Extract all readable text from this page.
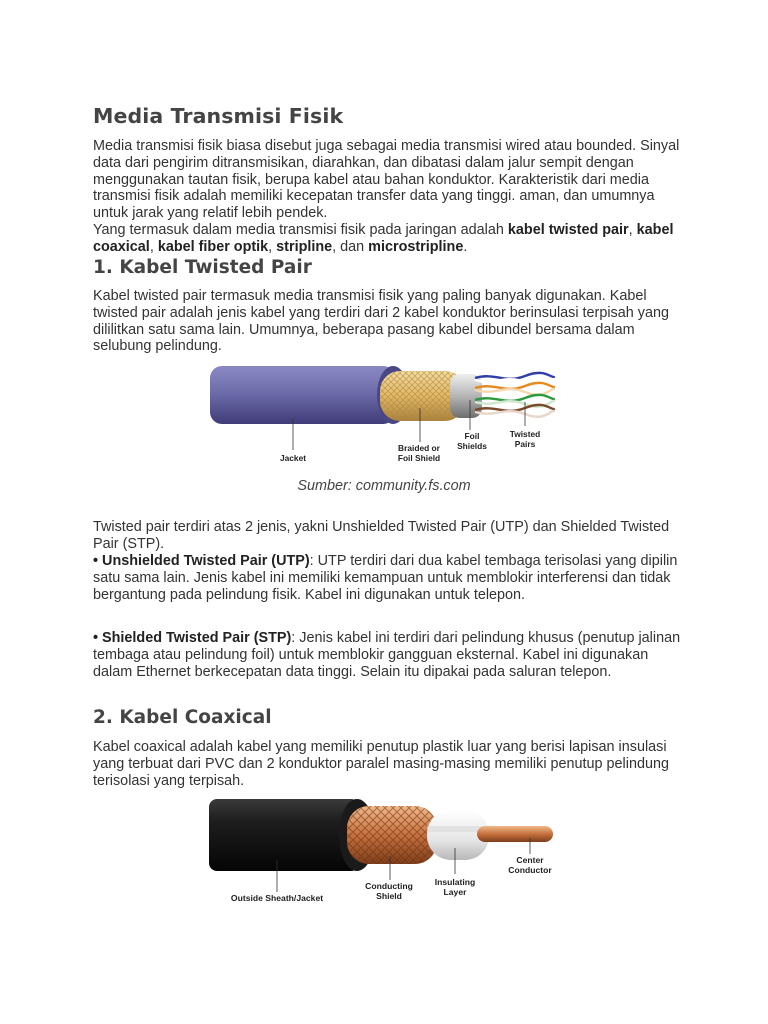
Media Transmisi Fisik

Media transmisi fisik biasa disebut juga sebagai media transmisi wired atau bounded. Sinyal data dari pengirim ditransmisikan, diarahkan, dan dibatasi dalam jalur sempit dengan menggunakan tautan fisik, berupa kabel atau bahan konduktor. Karakteristik dari media transmisi fisik adalah memiliki kecepatan transfer data yang tinggi. aman, dan umumnya untuk jarak yang relatif lebih pendek.

Yang termasuk dalam media transmisi fisik pada jaringan adalah kabel twisted pair, kabel coaxical, kabel fiber optik, stripline, dan microstripline.

1. Kabel Twisted Pair

Kabel twisted pair termasuk media transmisi fisik yang paling banyak digunakan. Kabel twisted pair adalah jenis kabel yang terdiri dari 2 kabel konduktor berinsulasi terpisah yang dililitkan satu sama lain. Umumnya, beberapa pasang kabel dibundel bersama dalam selubung pelindung.

Jacket
Braided or
Foil Shield
Foil
Shields
Twisted
Pairs
Sumber: community.fs.com

Twisted pair terdiri atas 2 jenis, yakni Unshielded Twisted Pair (UTP) dan Shielded Twisted Pair (STP).

• Unshielded Twisted Pair (UTP): UTP terdiri dari dua kabel tembaga terisolasi yang dipilin satu sama lain. Jenis kabel ini memiliki kemampuan untuk memblokir interferensi dan tidak bergantung pada pelindung fisik. Kabel ini digunakan untuk telepon.

• Shielded Twisted Pair (STP): Jenis kabel ini terdiri dari pelindung khusus (penutup jalinan tembaga atau pelindung foil) untuk memblokir gangguan eksternal. Kabel ini digunakan dalam Ethernet berkecepatan data tinggi. Selain itu dipakai pada saluran telepon.

2. Kabel Coaxical

Kabel coaxical adalah kabel yang memiliki penutup plastik luar yang berisi lapisan insulasi yang terbuat dari PVC dan 2 konduktor paralel masing-masing memiliki penutup pelindung terisolasi yang terpisah.

Outside Sheath/Jacket
Conducting
Shield
Insulating
Layer
Center
Conductor
